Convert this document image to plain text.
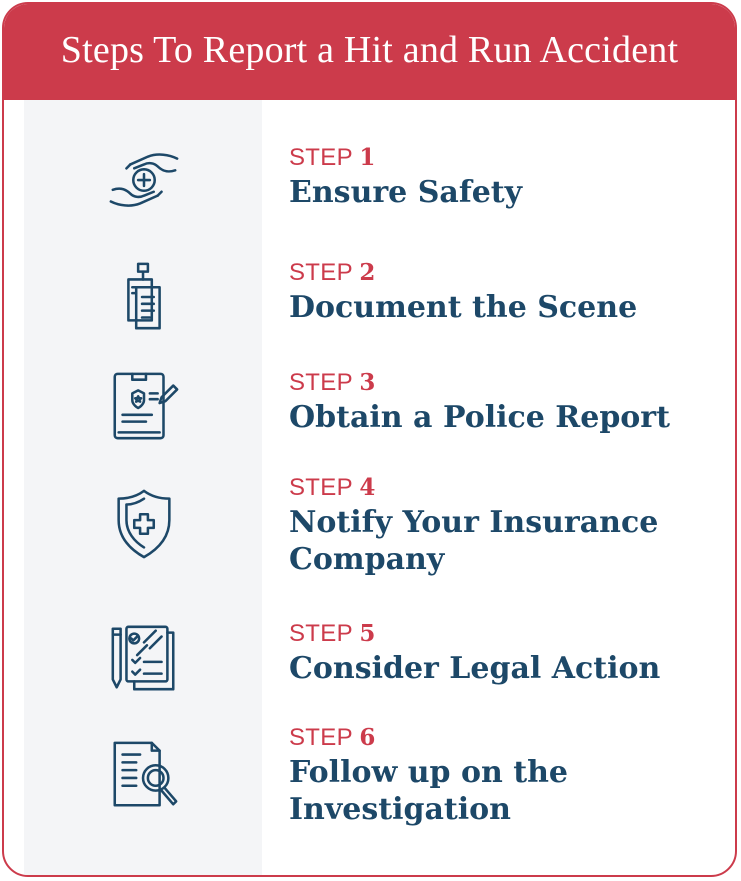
Steps To Report a Hit and Run Accident
STEP 1
Ensure Safety
STEP 2
Document the Scene
STEP 3
Obtain a Police Report
STEP 4
Notify Your Insurance Company
STEP 5
Consider Legal Action
STEP 6
Follow up on the Investigation
